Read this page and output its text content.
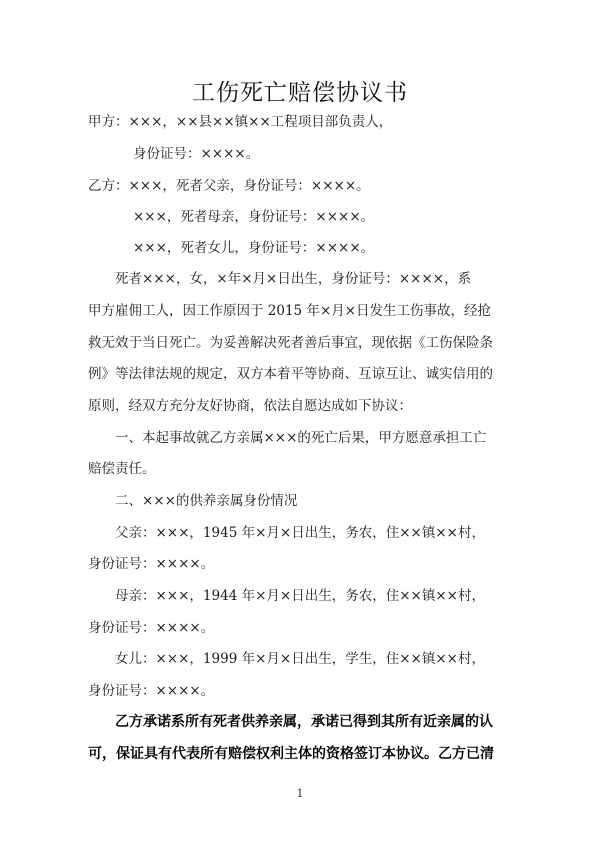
工伤死亡赔偿协议书
甲方：×××，××县××镇××工程项目部负责人，
身份证号：××××。
乙方：×××，死者父亲，身份证号：××××。
×××，死者母亲，身份证号：××××。
×××，死者女儿，身份证号：××××。
死者×××，女，×年×月×日出生，身份证号：××××，系
甲方雇佣工人，因工作原因于 2015 年×月×日发生工伤事故，经抢
救无效于当日死亡。为妥善解决死者善后事宜，现依据《工伤保险条
例》等法律法规的规定，双方本着平等协商、互谅互让、诚实信用的
原则，经双方充分友好协商，依法自愿达成如下协议：
一、本起事故就乙方亲属×××的死亡后果，甲方愿意承担工亡
赔偿责任。
二、×××的供养亲属身份情况
父亲：×××，1945 年×月×日出生，务农，住××镇××村，
身份证号：××××。
母亲：×××，1944 年×月×日出生，务农，住××镇××村，
身份证号：××××。
女儿：×××，1999 年×月×日出生，学生，住××镇××村，
身份证号：××××。
乙方承诺系所有死者供养亲属，承诺已得到其所有近亲属的认
可，保证具有代表所有赔偿权利主体的资格签订本协议。乙方已清
1
